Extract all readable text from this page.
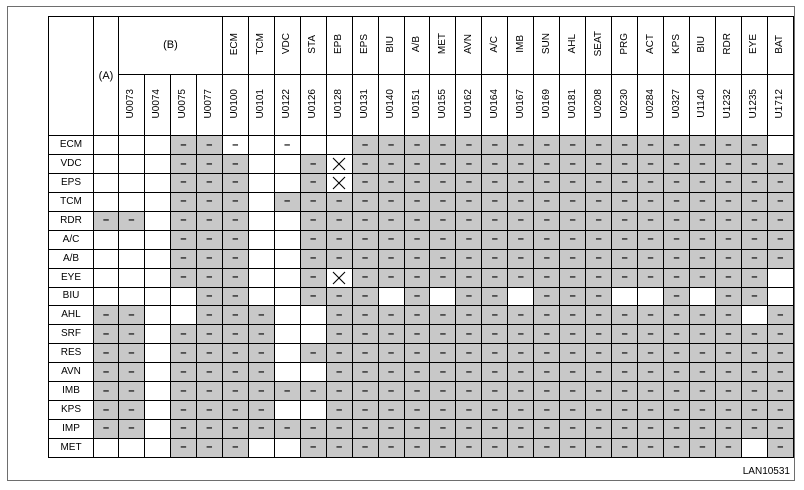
	(A)	(B)				ECM	TCM	VDC	STA	EPB	EPS	BIU	A/B	MET	AVN	A/C	IMB	SUN	AHL	SEAT	PRG	ACT	KPS	BIU	RDR	EYE	BAT
		U0073	U0074	U0075	U0077	U0100	U0101	U0122	U0126	U0128	U0131	U0140	U0151	U0155	U0162	U0164	U0167	U0169	U0181	U0208	U0230	U0284	U0327	U1140	U1232	U1235	U1712
ECM				–	–	–		–			–	–	–	–	–	–	–	–	–	–	–	–	–	–	–	–	
VDC				–	–	–			–		–	–	–	–	–	–	–	–	–	–	–	–	–	–	–	–	–
EPS				–	–	–			–		–	–	–	–	–	–	–	–	–	–	–	–	–	–	–	–	–
TCM				–	–	–		–	–	–	–	–	–	–	–	–	–	–	–	–	–	–	–	–	–	–	–
RDR	–	–		–	–	–			–	–	–	–	–	–	–	–	–	–	–	–	–	–	–	–	–	–	–
A/C				–	–	–			–	–	–	–	–	–	–	–	–	–	–	–	–	–	–	–	–	–	–
A/B				–	–	–			–	–	–	–	–	–	–	–	–	–	–	–	–	–	–	–	–	–	–
EYE				–	–	–			–		–	–	–	–	–	–	–	–	–	–	–	–	–	–	–	–	
BIU					–	–			–	–	–		–		–	–		–	–	–			–		–	–	
AHL	–	–			–	–	–			–	–	–	–	–	–	–	–	–	–	–	–	–	–	–	–		–
SRF	–	–		–	–	–	–			–	–	–	–	–	–	–	–	–	–	–	–	–	–	–	–	–	–
RES	–	–		–	–	–	–		–	–	–	–	–	–	–	–	–	–	–	–	–	–	–	–	–	–	–
AVN	–	–		–	–	–	–			–	–	–	–	–	–	–	–	–	–	–	–	–	–	–	–	–	–
IMB	–	–		–	–	–	–	–	–	–	–	–	–	–	–	–	–	–	–	–	–	–	–	–	–	–	–
KPS	–	–		–	–	–	–			–	–	–	–	–	–	–	–	–	–	–	–	–	–	–	–	–	–
IMP	–	–		–	–	–	–	–	–	–	–	–	–	–	–	–	–	–	–	–	–	–	–	–	–	–	–
MET				–	–	–			–	–	–	–	–	–	–	–	–	–	–	–	–	–	–	–	–		–
LAN10531
